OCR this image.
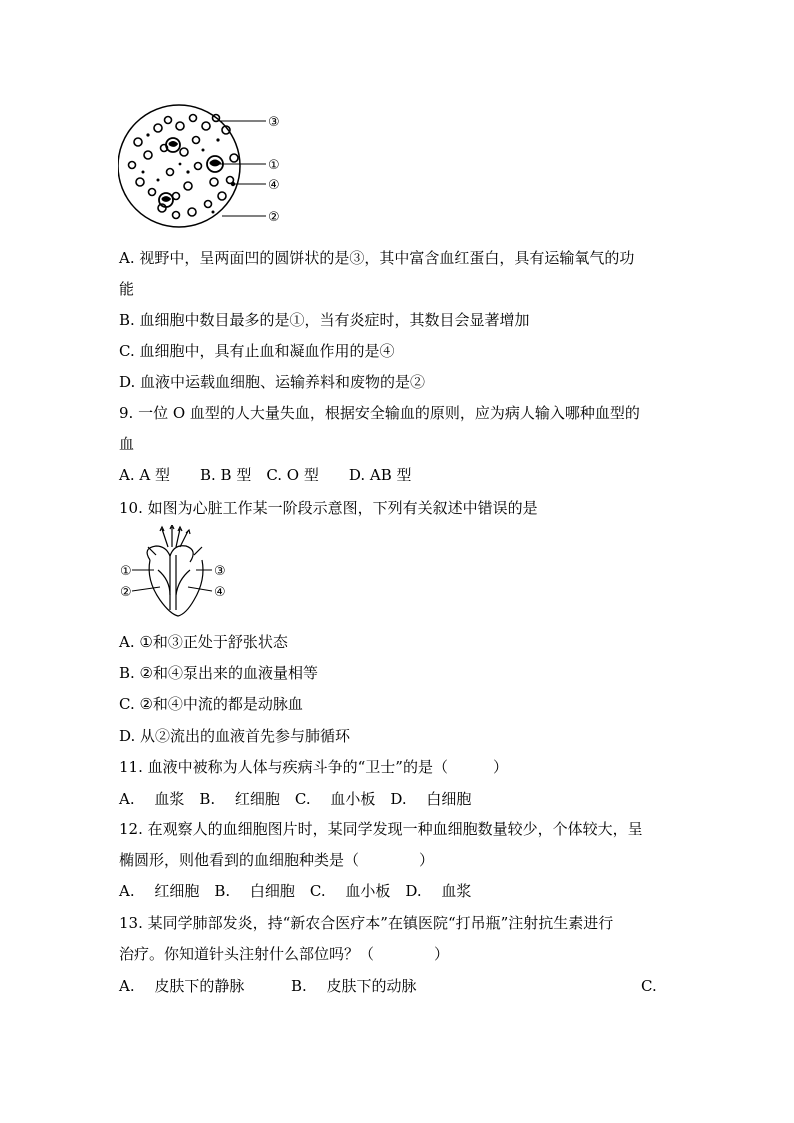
③
①
④
②
A. 视野中，呈两面凹的圆饼状的是③，其中富含血红蛋白，具有运输氧气的功
能
B. 血细胞中数目最多的是①，当有炎症时，其数目会显著增加
C. 血细胞中，具有止血和凝血作用的是④
D. 血液中运载血细胞、运输养料和废物的是②
9. 一位 O 血型的人大量失血，根据安全输血的原则，应为病人输入哪种血型的
血
A. A 型　　B. B 型　C. O 型　　D. AB 型
10. 如图为心脏工作某一阶段示意图，下列有关叙述中错误的是
①
②
③
④
A. ①和③正处于舒张状态
B. ②和④泵出来的血液量相等
C. ②和④中流的都是动脉血
D. 从②流出的血液首先参与肺循环
11. 血液中被称为人体与疾病斗争的“卫士”的是（　　　）
A.　 血浆　B.　 红细胞　C.　 血小板　D.　 白细胞
12. 在观察人的血细胞图片时，某同学发现一种血细胞数量较少，个体较大，呈
椭圆形，则他看到的血细胞种类是（　　　　）
A.　 红细胞　B.　 白细胞　C.　 血小板　D.　 血浆
13. 某同学肺部发炎，持“新农合医疗本”在镇医院“打吊瓶”注射抗生素进行
治疗。你知道针头注射什么部位吗？（　　　　）
A.　 皮肤下的静脉	B.　 皮肤下的动脉	C.
